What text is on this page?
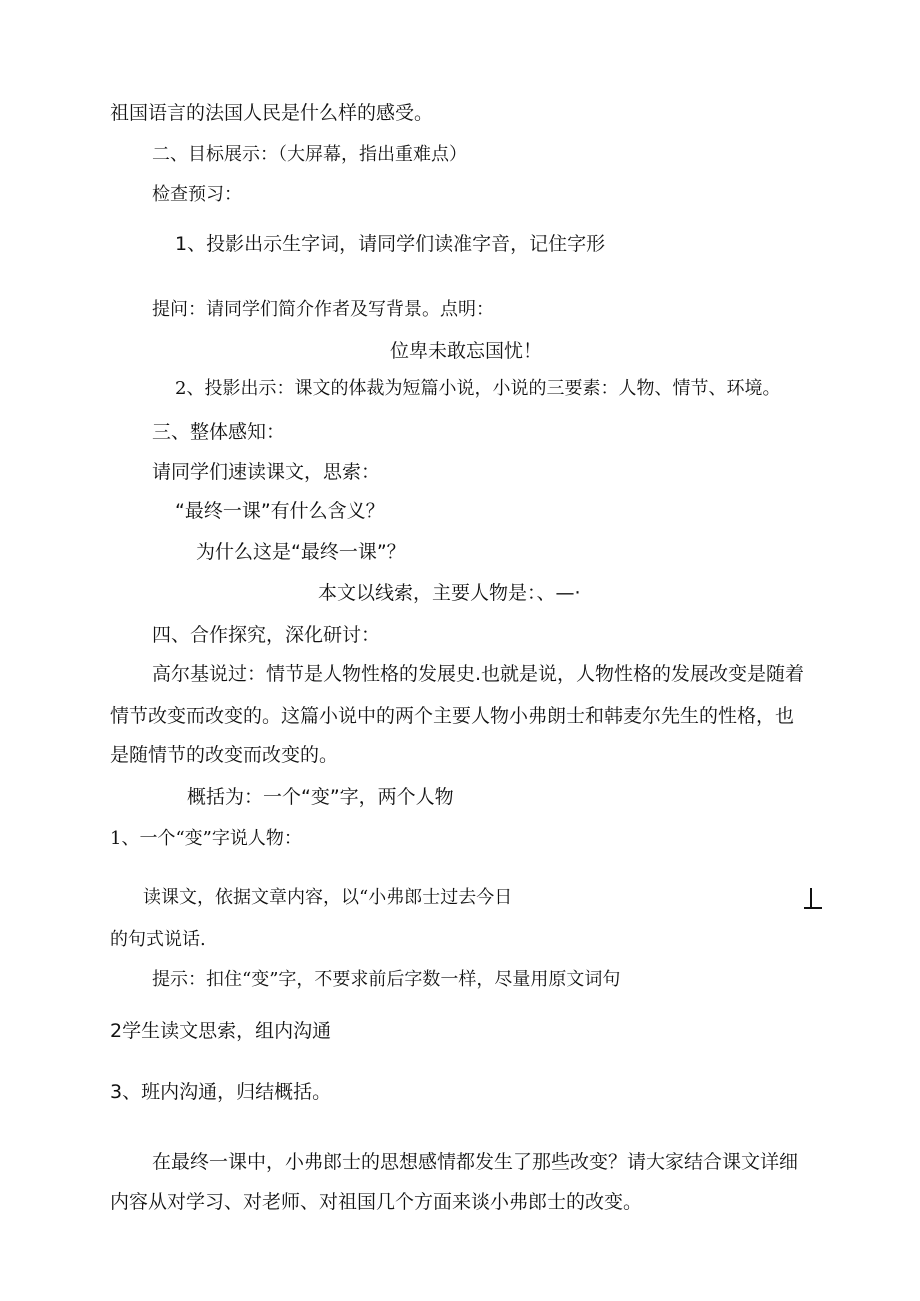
祖国语言的法国人民是什么样的感受。
二、目标展示：（大屏幕，指出重难点）
检查预习：
1、投影出示生字词，请同学们读准字音，记住字形
提问：请同学们简介作者及写背景。点明：
位卑未敢忘国忧！
2、投影出示：课文的体裁为短篇小说，小说的三要素：人物、情节、环境。
三、整体感知：
请同学们速读课文，思索：
“最终一课”有什么含义？
为什么这是“最终一课”？
本文以线索，主要人物是：、—·
四、合作探究，深化研讨：
高尔基说过：情节是人物性格的发展史.也就是说，人物性格的发展改变是随着
情节改变而改变的。这篇小说中的两个主要人物小弗朗士和韩麦尔先生的性格，也
是随情节的改变而改变的。
概括为：一个“变”字，两个人物
1、一个“变”字说人物：
读课文，依据文章内容，以“小弗郎士过去今日
的句式说话.
提示：扣住“变”字，不要求前后字数一样，尽量用原文词句
2学生读文思索，组内沟通
3、班内沟通，归结概括。
在最终一课中，小弗郎士的思想感情都发生了那些改变？请大家结合课文详细
内容从对学习、对老师、对祖国几个方面来谈小弗郎士的改变。
